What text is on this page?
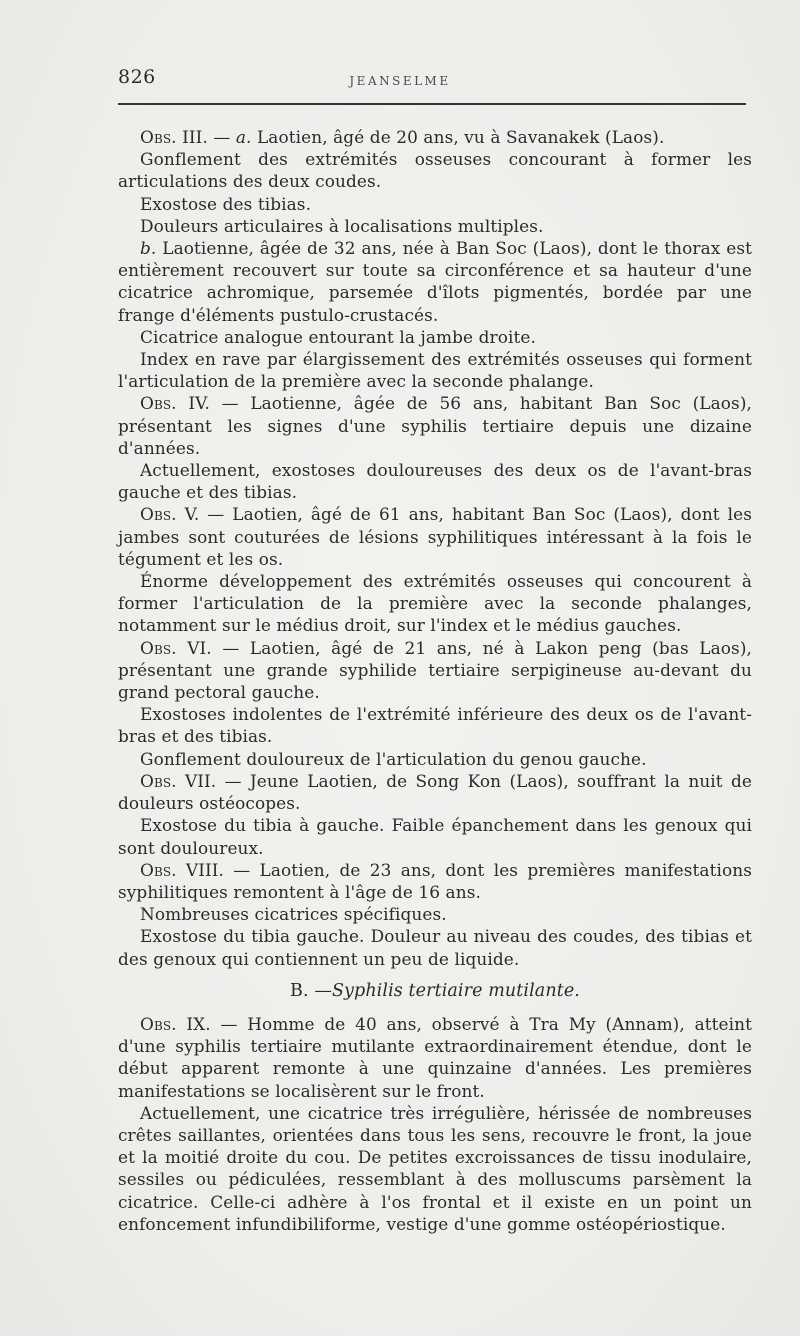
826	JEANSELME

Obs. III. — a. Laotien, âgé de 20 ans, vu à Savanakek (Laos).

Gonflement des extrémités osseuses concourant à former les articulations des deux coudes.

Exostose des tibias.

Douleurs articulaires à localisations multiples.

b. Laotienne, âgée de 32 ans, née à Ban Soc (Laos), dont le thorax est entièrement recouvert sur toute sa circonférence et sa hauteur d'une cicatrice achromique, parsemée d'îlots pigmentés, bordée par une frange d'éléments pustulo-crustacés.

Cicatrice analogue entourant la jambe droite.

Index en rave par élargissement des extrémités osseuses qui forment l'articulation de la première avec la seconde phalange.

Obs. IV. — Laotienne, âgée de 56 ans, habitant Ban Soc (Laos), présentant les signes d'une syphilis tertiaire depuis une dizaine d'années.

Actuellement, exostoses douloureuses des deux os de l'avant-bras gauche et des tibias.

Obs. V. — Laotien, âgé de 61 ans, habitant Ban Soc (Laos), dont les jambes sont couturées de lésions syphilitiques intéressant à la fois le tégument et les os.

Énorme développement des extrémités osseuses qui concourent à former l'articulation de la première avec la seconde phalanges, notamment sur le médius droit, sur l'index et le médius gauches.

Obs. VI. — Laotien, âgé de 21 ans, né à Lakon peng (bas Laos), présentant une grande syphilide tertiaire serpigineuse au-devant du grand pectoral gauche.

Exostoses indolentes de l'extrémité inférieure des deux os de l'avant-bras et des tibias.

Gonflement douloureux de l'articulation du genou gauche.

Obs. VII. — Jeune Laotien, de Song Kon (Laos), souffrant la nuit de douleurs ostéocopes.

Exostose du tibia à gauche. Faible épanchement dans les genoux qui sont douloureux.

Obs. VIII. — Laotien, de 23 ans, dont les premières manifestations syphilitiques remontent à l'âge de 16 ans.

Nombreuses cicatrices spécifiques.

Exostose du tibia gauche. Douleur au niveau des coudes, des tibias et des genoux qui contiennent un peu de liquide.

B. —Syphilis tertiaire mutilante.

Obs. IX. — Homme de 40 ans, observé à Tra My (Annam), atteint d'une syphilis tertiaire mutilante extraordinairement étendue, dont le début apparent remonte à une quinzaine d'années. Les premières manifestations se localisèrent sur le front.

Actuellement, une cicatrice très irrégulière, hérissée de nombreuses crêtes saillantes, orientées dans tous les sens, recouvre le front, la joue et la moitié droite du cou. De petites excroissances de tissu inodulaire, sessiles ou pédiculées, ressemblant à des molluscums parsèment la cicatrice. Celle-ci adhère à l'os frontal et il existe en un point un enfoncement infundibiliforme, vestige d'une gomme ostéopériostique.
